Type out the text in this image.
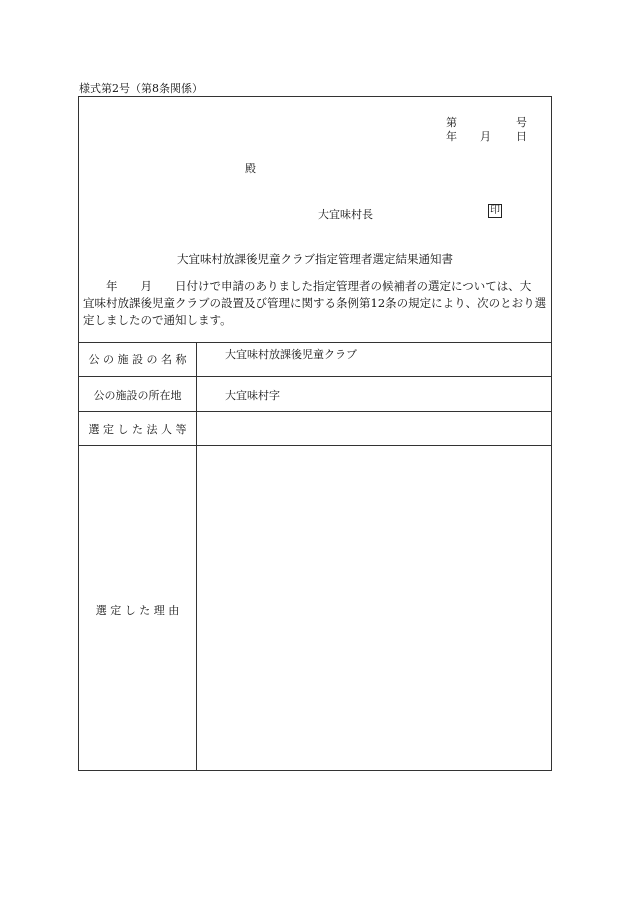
様式第2号（第8条関係）
第	号
年 月 日
殿
大宜味村長	印
大宜味村放課後児童クラブ指定管理者選定結果通知書

　　年　　月　　日付けで申請のありました指定管理者の候補者の選定については、大

宜味村放課後児童クラブの設置及び管理に関する条例第12条の規定により、次のとおり選

定しましたので通知します。

公 の 施 設 の 名 称	大宜味村放課後児童クラブ
公の施設の所在地	大宜味村字
選 定 し た 法 人 等
選 定 し た 理 由
